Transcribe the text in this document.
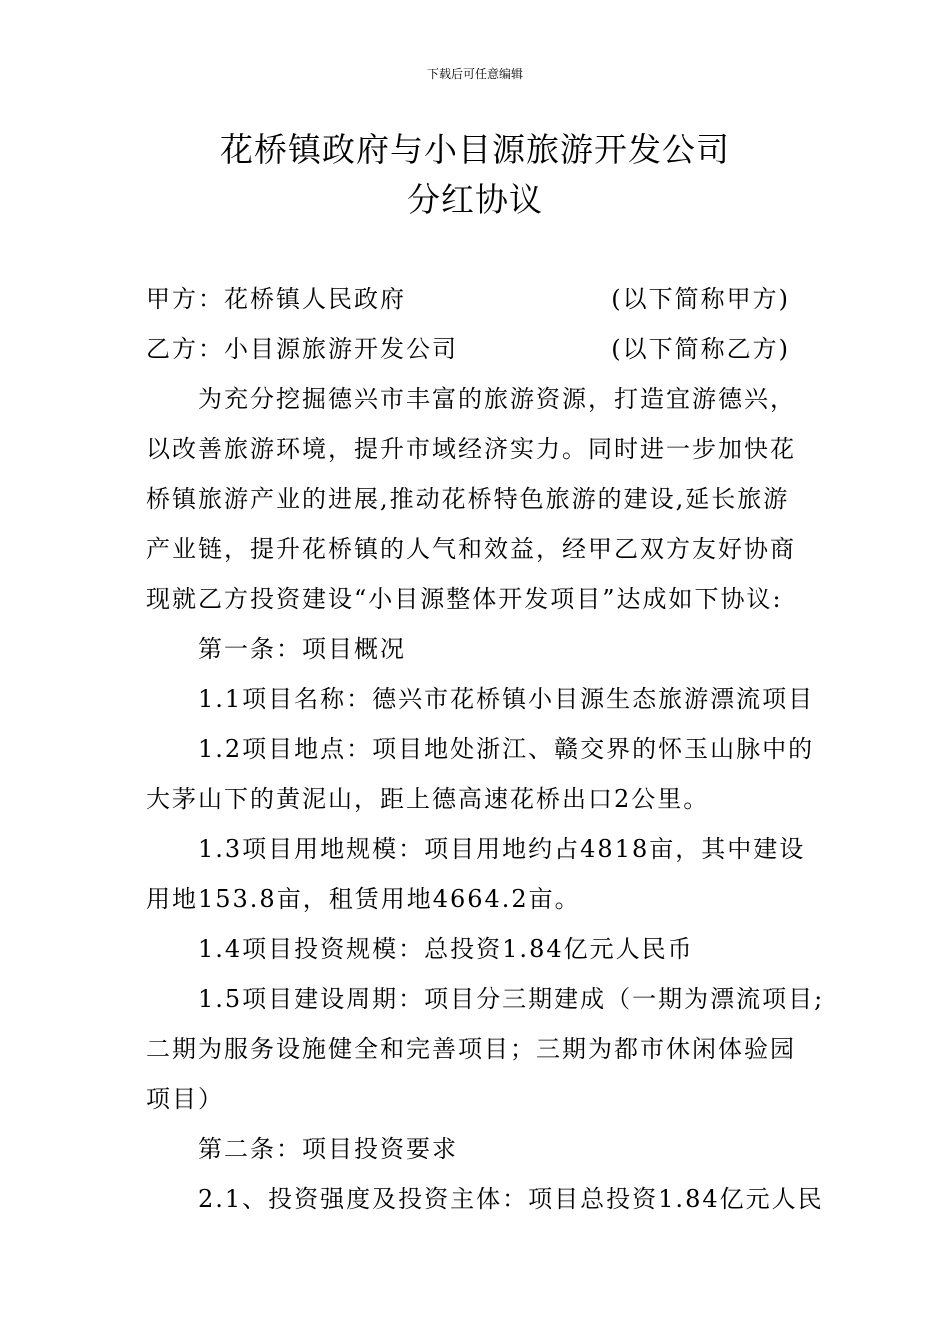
下载后可任意编辑
花桥镇政府与小目源旅游开发公司
分红协议
甲方：花桥镇人民政府	(以下简称甲方)
乙方：小目源旅游开发公司	(以下简称乙方)
为充分挖掘德兴市丰富的旅游资源，打造宜游德兴，
以改善旅游环境，提升市域经济实力。同时进一步加快花
桥镇旅游产业的进展,推动花桥特色旅游的建设,延长旅游
产业链，提升花桥镇的人气和效益，经甲乙双方友好协商
现就乙方投资建设“小目源整体开发项目”达成如下协议:
第一条：项目概况
1.1项目名称：德兴市花桥镇小目源生态旅游漂流项目
1.2项目地点：项目地处浙江、赣交界的怀玉山脉中的
大茅山下的黄泥山，距上德高速花桥出口2公里。
1.3项目用地规模：项目用地约占4818亩，其中建设
用地153.8亩，租赁用地4664.2亩。
1.4项目投资规模：总投资1.84亿元人民币
1.5项目建设周期：项目分三期建成（一期为漂流项目;
二期为服务设施健全和完善项目；三期为都市休闲体验园
项目）
第二条：项目投资要求
2.1、投资强度及投资主体：项目总投资1.84亿元人民
